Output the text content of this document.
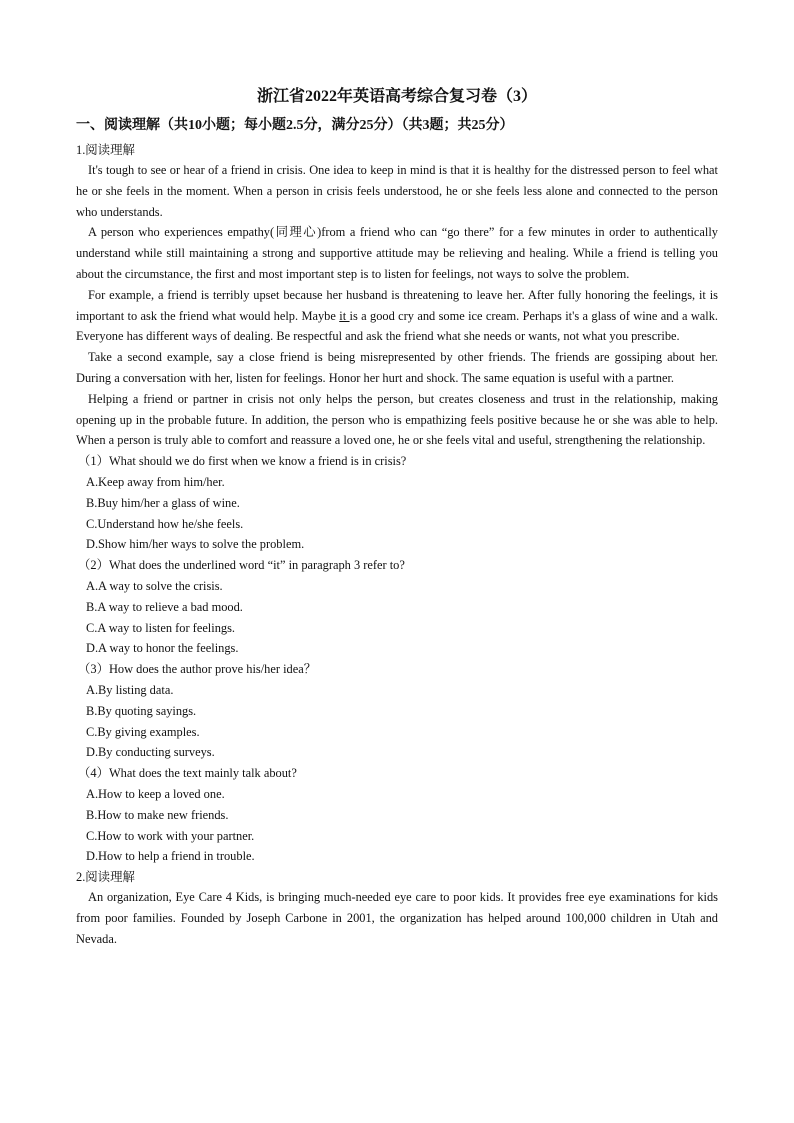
浙江省2022年英语高考综合复习卷（3）
一、阅读理解（共10小题；每小题2.5分，满分25分）（共3题；共25分）
1.阅读理解

It's tough to see or hear of a friend in crisis. One idea to keep in mind is that it is healthy for the distressed person to feel what he or she feels in the moment. When a person in crisis feels understood, he or she feels less alone and connected to the person who understands.

A person who experiences empathy(同理心)from a friend who can “go there” for a few minutes in order to authentically understand while still maintaining a strong and supportive attitude may be relieving and healing. While a friend is telling you about the circumstance, the first and most important step is to listen for feelings, not ways to solve the problem.

For example, a friend is terribly upset because her husband is threatening to leave her. After fully honoring the feelings, it is important to ask the friend what would help. Maybe it is a good cry and some ice cream. Perhaps it's a glass of wine and a walk. Everyone has different ways of dealing. Be respectful and ask the friend what she needs or wants, not what you prescribe.

Take a second example, say a close friend is being misrepresented by other friends. The friends are gossiping about her. During a conversation with her, listen for feelings. Honor her hurt and shock. The same equation is useful with a partner.

Helping a friend or partner in crisis not only helps the person, but creates closeness and trust in the relationship, making opening up in the probable future. In addition, the person who is empathizing feels positive because he or she was able to help. When a person is truly able to comfort and reassure a loved one, he or she feels vital and useful, strengthening the relationship.

（1）What should we do first when we know a friend is in crisis?

A.Keep away from him/her.

B.Buy him/her a glass of wine.

C.Understand how he/she feels.

D.Show him/her ways to solve the problem.

（2）What does the underlined word “it” in paragraph 3 refer to?

A.A way to solve the crisis.

B.A way to relieve a bad mood.

C.A way to listen for feelings.

D.A way to honor the feelings.

（3）How does the author prove his/her idea？

A.By listing data.

B.By quoting sayings.

C.By giving examples.

D.By conducting surveys.

（4）What does the text mainly talk about?

A.How to keep a loved one.

B.How to make new friends.

C.How to work with your partner.

D.How to help a friend in trouble.

2.阅读理解

An organization, Eye Care 4 Kids, is bringing much-needed eye care to poor kids. It provides free eye examinations for kids from poor families. Founded by Joseph Carbone in 2001, the organization has helped around 100,000 children in Utah and Nevada.
